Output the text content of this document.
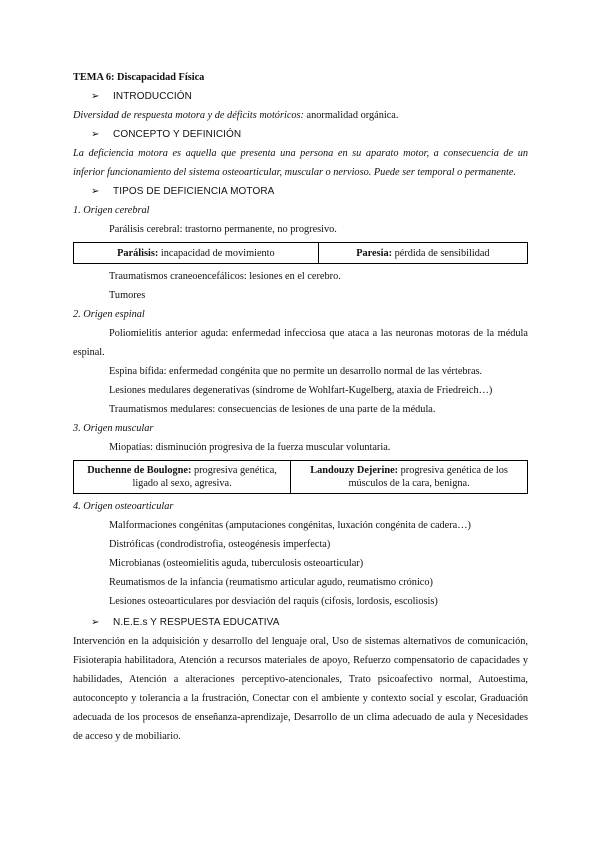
TEMA 6: Discapacidad Física

➢	INTRODUCCIÓN

Diversidad de respuesta motora y de déficits motóricos: anormalidad orgánica.

➢	CONCEPTO Y DEFINICIÓN

La deficiencia motora es aquella que presenta una persona en su aparato motor, a consecuencia de un inferior funcionamiento del sistema osteoarticular, muscular o nervioso. Puede ser temporal o permanente.

➢	TIPOS DE DEFICIENCIA MOTORA

1. Origen cerebral

Parálisis cerebral: trastorno permanente, no progresivo.

Parálisis: incapacidad de movimiento	Paresia: pérdida de sensibilidad

Traumatismos craneoencefálicos: lesiones en el cerebro.

Tumores

2. Origen espinal

Poliomielitis anterior aguda: enfermedad infecciosa que ataca a las neuronas motoras de la médula espinal.

Espina bífida: enfermedad congénita que no permite un desarrollo normal de las vértebras.

Lesiones medulares degenerativas (síndrome de Wohlfart-Kugelberg, ataxia de Friedreich…)

Traumatismos medulares: consecuencias de lesiones de una parte de la médula.

3. Origen muscular

Miopatías: disminución progresiva de la fuerza muscular voluntaria.

Duchenne de Boulogne: progresiva genética, ligado al sexo, agresiva.	Landouzy Dejerine: progresiva genética de los músculos de la cara, benigna.

4. Origen osteoarticular

Malformaciones congénitas (amputaciones congénitas, luxación congénita de cadera…)

Distróficas (condrodistrofia, osteogénesis imperfecta)

Microbianas (osteomielitis aguda, tuberculosis osteoarticular)

Reumatismos de la infancia (reumatismo articular agudo, reumatismo crónico)

Lesiones osteoarticulares por desviación del raquis (cifosis, lordosis, escoliosis)

➢	N.E.E.s Y RESPUESTA EDUCATIVA

Intervención en la adquisición y desarrollo del lenguaje oral, Uso de sistemas alternativos de comunicación, Fisioterapia habilitadora, Atención a recursos materiales de apoyo, Refuerzo compensatorio de capacidades y habilidades, Atención a alteraciones perceptivo-atencionales, Trato psicoafectivo normal, Autoestima, autoconcepto y tolerancia a la frustración, Conectar con el ambiente y contexto social y escolar, Graduación adecuada de los procesos de enseñanza-aprendizaje, Desarrollo de un clima adecuado de aula y Necesidades de acceso y de mobiliario.
